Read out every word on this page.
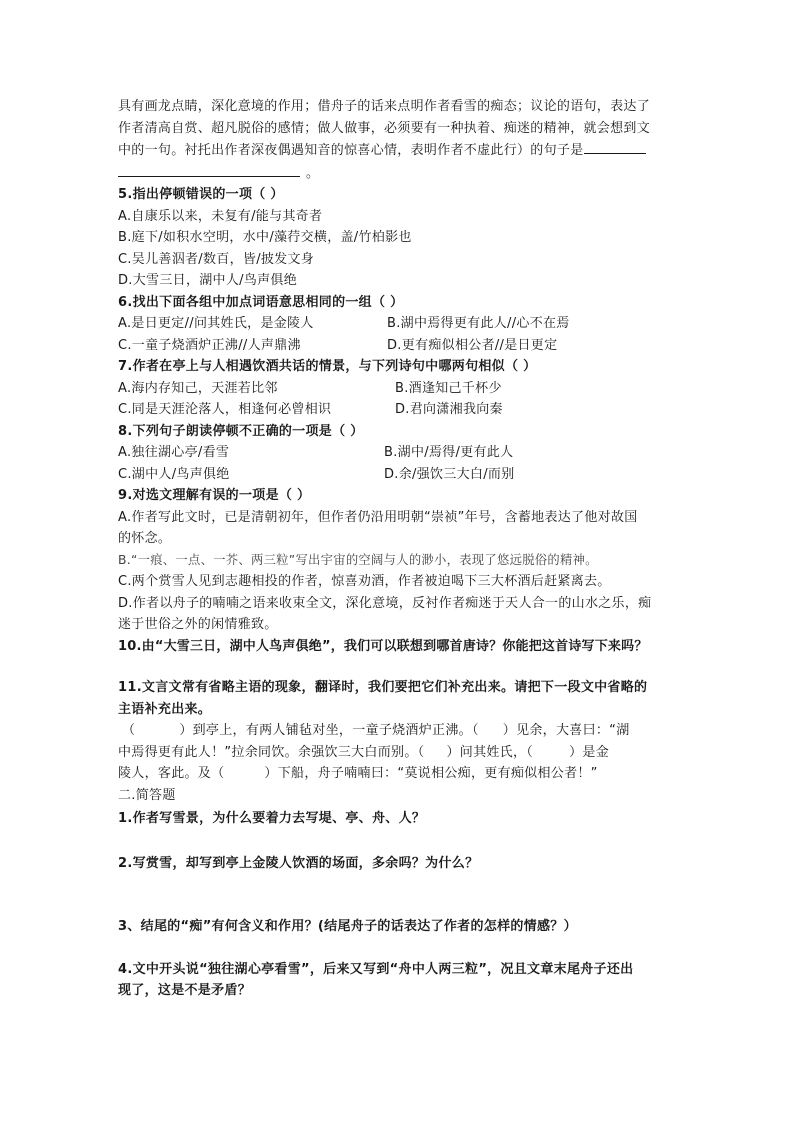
具有画龙点睛，深化意境的作用；借舟子的话来点明作者看雪的痴态；议论的语句，表达了
作者清高自赏、超凡脱俗的感情；做人做事，必须要有一种执着、痴迷的精神，就会想到文
中的一句。衬托出作者深夜偶遇知音的惊喜心情，表明作者不虚此行）的句子是
。
5.指出停顿错误的一项（ ）
A.自康乐以来，未复有/能与其奇者
B.庭下/如积水空明，水中/藻荇交横，盖/竹柏影也
C.吴儿善泅者/数百，皆/披发文身
D.大雪三日，湖中人/鸟声俱绝
6.找出下面各组中加点词语意思相同的一组（ ）
A.是日更定//问其姓氏，是金陵人	B.湖中焉得更有此人//心不在焉
C.一童子烧酒炉正沸//人声鼎沸	D.更有痴似相公者//是日更定
7.作者在亭上与人相遇饮酒共话的情景，与下列诗句中哪两句相似（ ）
A.海内存知己，天涯若比邻	B.酒逢知己千杯少
C.同是天涯沦落人，相逢何必曾相识	D.君向潇湘我向秦
8.下列句子朗读停顿不正确的一项是（ ）
A.独往湖心亭/看雪	B.湖中/焉得/更有此人
C.湖中人/鸟声俱绝	D.余/强饮三大白/而别
9.对选文理解有误的一项是（ ）
A.作者写此文时，已是清朝初年，但作者仍沿用明朝“崇祯”年号，含蓄地表达了他对故国
的怀念。
B.“一痕、一点、一芥、两三粒”写出宇宙的空阔与人的渺小，表现了悠远脱俗的精神。
C.两个赏雪人见到志趣相投的作者，惊喜劝酒，作者被迫喝下三大杯酒后赶紧离去。
D.作者以舟子的喃喃之语来收束全文，深化意境，反衬作者痴迷于天人合一的山水之乐，痴
迷于世俗之外的闲情雅致。
10.由“大雪三日，湖中人鸟声俱绝”，我们可以联想到哪首唐诗？你能把这首诗写下来吗？
11.文言文常有省略主语的现象，翻译时，我们要把它们补充出来。请把下一段文中省略的
主语补充出来。
（	）到亭上，有两人铺毡对坐，一童子烧酒炉正沸。（ ）见余，大喜曰：“湖
中焉得更有此人！”拉余同饮。余强饮三大白而别。（ ）问其姓氏，（	）是金
陵人，客此。及（	）下船，舟子喃喃曰：“莫说相公痴，更有痴似相公者！”
二.简答题
1.作者写雪景，为什么要着力去写堤、亭、舟、人？
2.写赏雪，却写到亭上金陵人饮酒的场面，多余吗？为什么？
3、结尾的“痴”有何含义和作用？(结尾舟子的话表达了作者的怎样的情感？）
4.文中开头说“独往湖心亭看雪”，后来又写到“舟中人两三粒”，况且文章末尾舟子还出
现了，这是不是矛盾？
